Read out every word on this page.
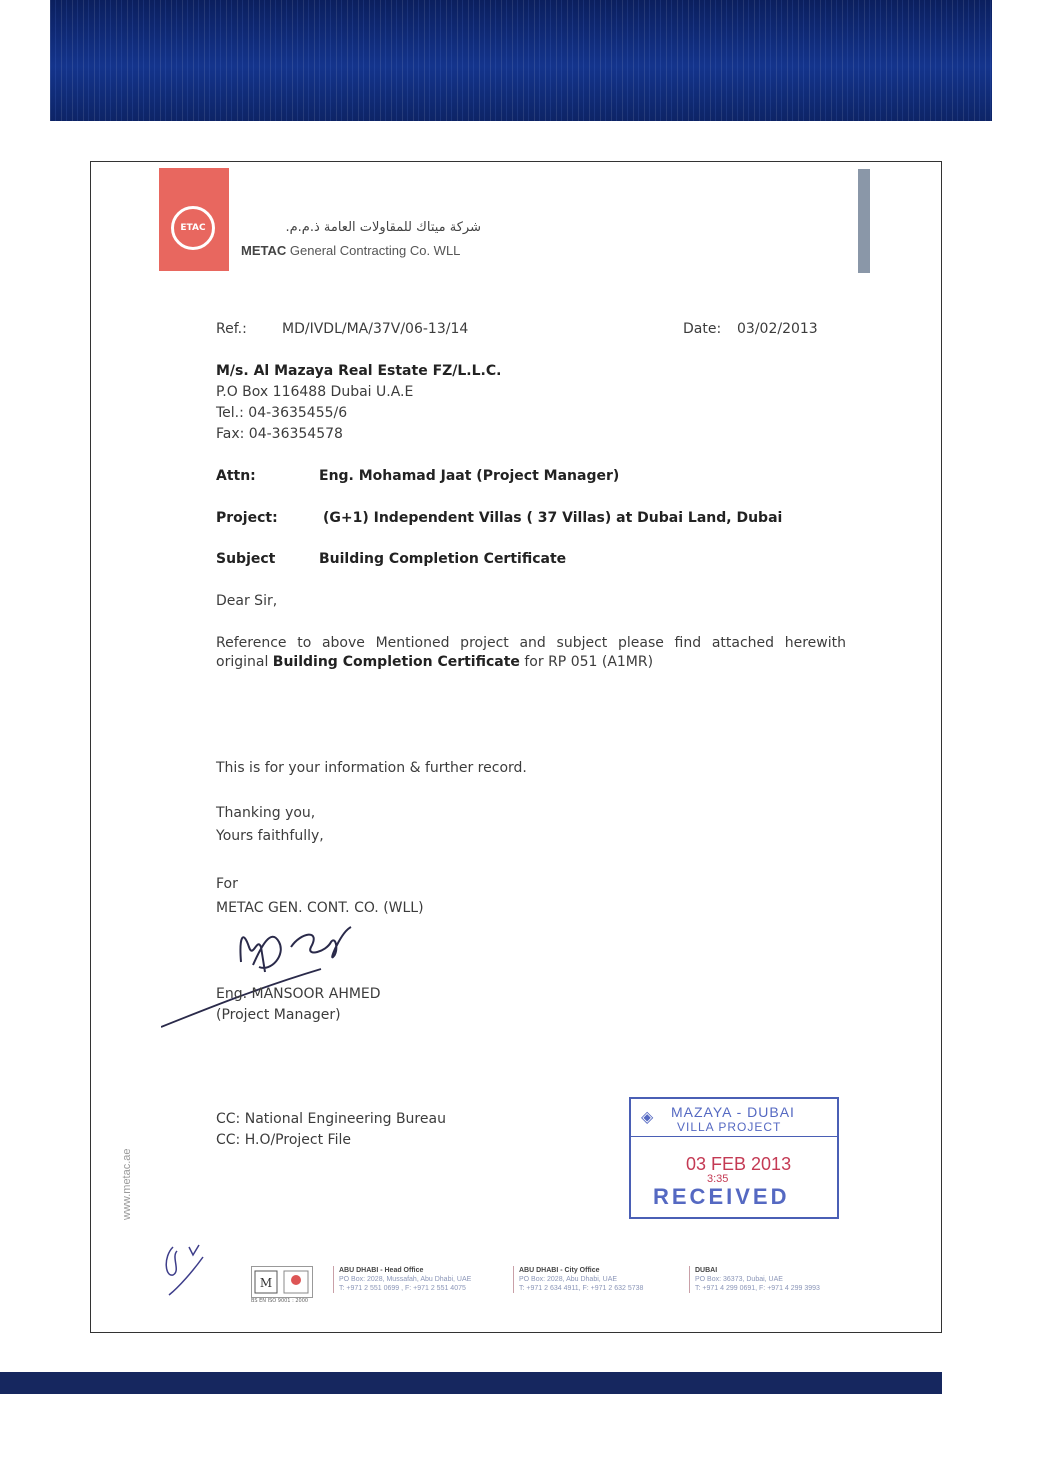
ETAC	شركة ميتاك للمقاولات العامة ذ.م.م.
METAC General Contracting Co. WLL
Ref.:	MD/IVDL/MA/37V/06-13/14	Date: 03/02/2013
M/s. Al Mazaya Real Estate FZ/L.L.C.
P.O Box 116488 Dubai U.A.E
Tel.: 04-3635455/6
Fax: 04-36354578
Attn:	Eng. Mohamad Jaat (Project Manager)
Project:	(G+1) Independent Villas ( 37 Villas) at Dubai Land, Dubai
Subject	Building Completion Certificate
Dear Sir,
Reference to above Mentioned project and subject please find attached herewith
original Building Completion Certificate for RP 051 (A1MR)
This is for your information & further record.
Thanking you,
Yours faithfully,
For
METAC GEN. CONT. CO. (WLL)
Eng. MANSOOR AHMED
(Project Manager)
CC: National Engineering Bureau
CC: H.O/Project File
◈ MAZAYA - DUBAI
VILLA PROJECT
03 FEB 2013
3:35
RECEIVED
www.metac.ae
M
BS EN ISO 9001 : 2000
ABU DHABI - Head Office
PO Box: 2028, Mussafah, Abu Dhabi, UAE
T: +971 2 551 0699 , F: +971 2 551 4075
ABU DHABI - City Office
PO Box: 2028, Abu Dhabi, UAE
T: +971 2 634 4911, F: +971 2 632 5738
DUBAI
PO Box: 36373, Dubai, UAE
T: +971 4 299 0691, F: +971 4 299 3993
